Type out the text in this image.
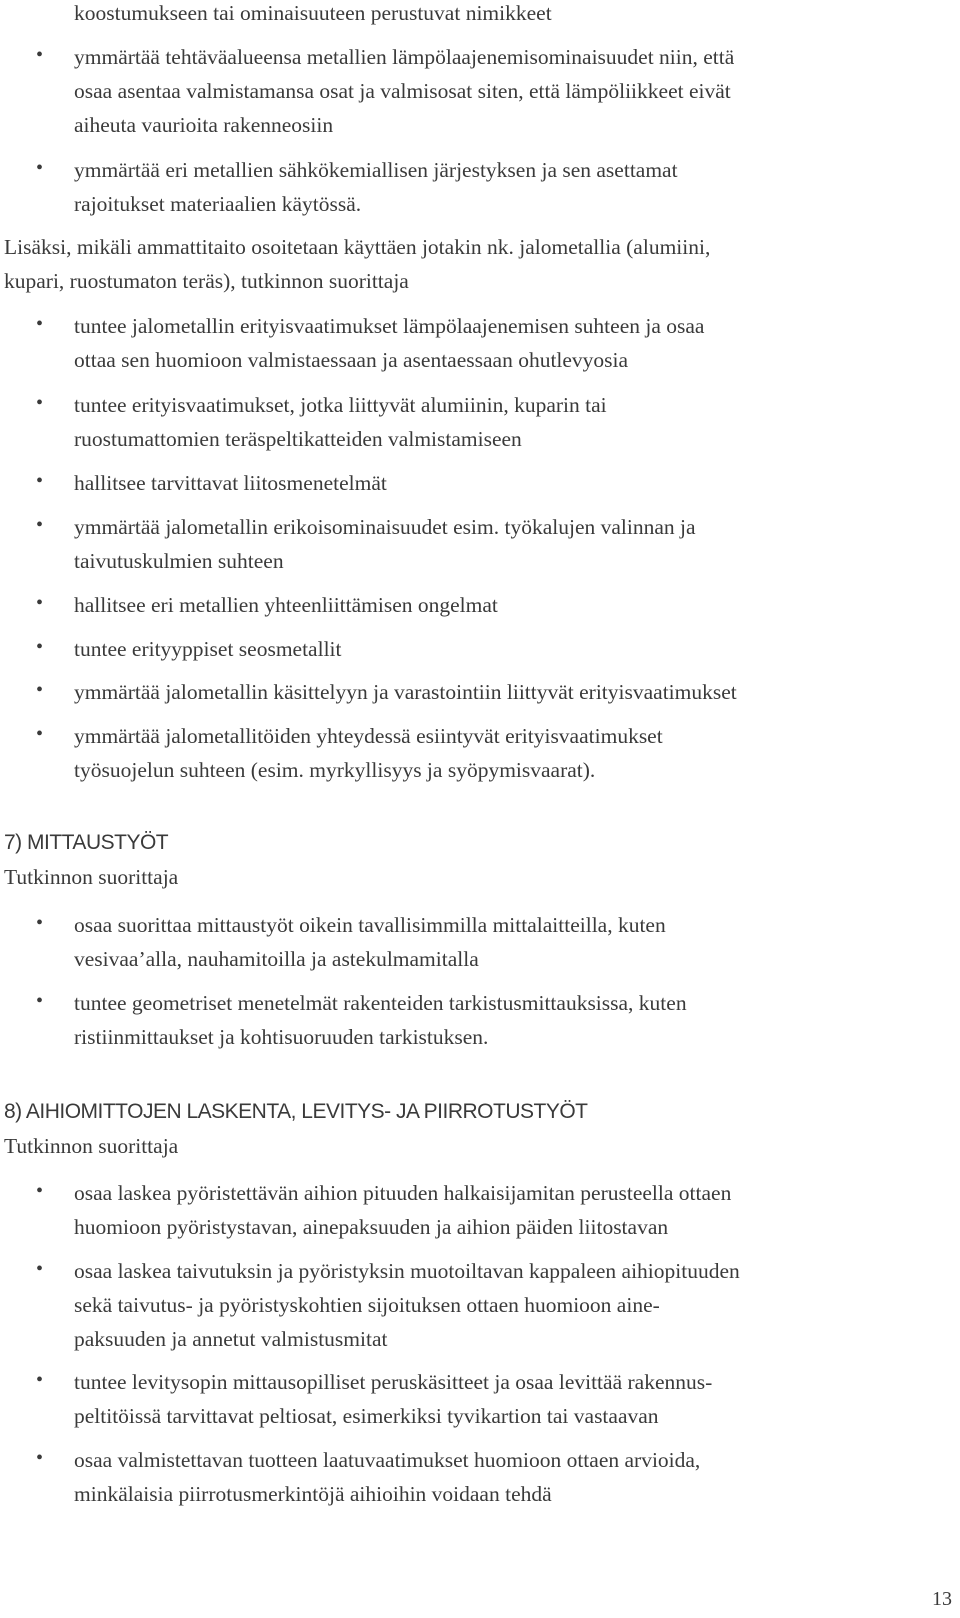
koostumukseen tai ominaisuuteen perustuvat nimikkeet
• ymmärtää tehtäväalueensa metallien lämpölaajenemisominaisuudet niin, että
osaa asentaa valmistamansa osat ja valmisosat siten, että lämpöliikkeet eivät
aiheuta vaurioita rakenneosiin
• ymmärtää eri metallien sähkökemiallisen järjestyksen ja sen asettamat
rajoitukset materiaalien käytössä.
Lisäksi, mikäli ammattitaito osoitetaan käyttäen jotakin nk. jalometallia (alumiini,
kupari, ruostumaton teräs), tutkinnon suorittaja
• tuntee jalometallin erityisvaatimukset lämpölaajenemisen suhteen ja osaa
ottaa sen huomioon valmistaessaan ja asentaessaan ohutlevyosia
• tuntee erityisvaatimukset, jotka liittyvät alumiinin, kuparin tai
ruostumattomien teräspeltikatteiden valmistamiseen
• hallitsee tarvittavat liitosmenetelmät
• ymmärtää jalometallin erikoisominaisuudet esim. työkalujen valinnan ja
taivutuskulmien suhteen
• hallitsee eri metallien yhteenliittämisen ongelmat
• tuntee erityyppiset seosmetallit
• ymmärtää jalometallin käsittelyyn ja varastointiin liittyvät erityisvaatimukset
• ymmärtää jalometallitöiden yhteydessä esiintyvät erityisvaatimukset
työsuojelun suhteen (esim. myrkyllisyys ja syöpymisvaarat).
7) MITTAUSTYÖT
Tutkinnon suorittaja
• osaa suorittaa mittaustyöt oikein tavallisimmilla mittalaitteilla, kuten
vesivaa’alla, nauhamitoilla ja astekulmamitalla
• tuntee geometriset menetelmät rakenteiden tarkistusmittauksissa, kuten
ristiinmittaukset ja kohtisuoruuden tarkistuksen.
8) AIHIOMITTOJEN LASKENTA, LEVITYS- JA PIIRROTUSTYÖT
Tutkinnon suorittaja
• osaa laskea pyöristettävän aihion pituuden halkaisijamitan perusteella ottaen
huomioon pyöristystavan, ainepaksuuden ja aihion päiden liitostavan
• osaa laskea taivutuksin ja pyöristyksin muotoiltavan kappaleen aihiopituuden
sekä taivutus- ja pyöristyskohtien sijoituksen ottaen huomioon aine-
paksuuden ja annetut valmistusmitat
• tuntee levitysopin mittausopilliset peruskäsitteet ja osaa levittää rakennus-
peltitöissä tarvittavat peltiosat, esimerkiksi tyvikartion tai vastaavan
• osaa valmistettavan tuotteen laatuvaatimukset huomioon ottaen arvioida,
minkälaisia piirrotusmerkintöjä aihioihin voidaan tehdä
13
